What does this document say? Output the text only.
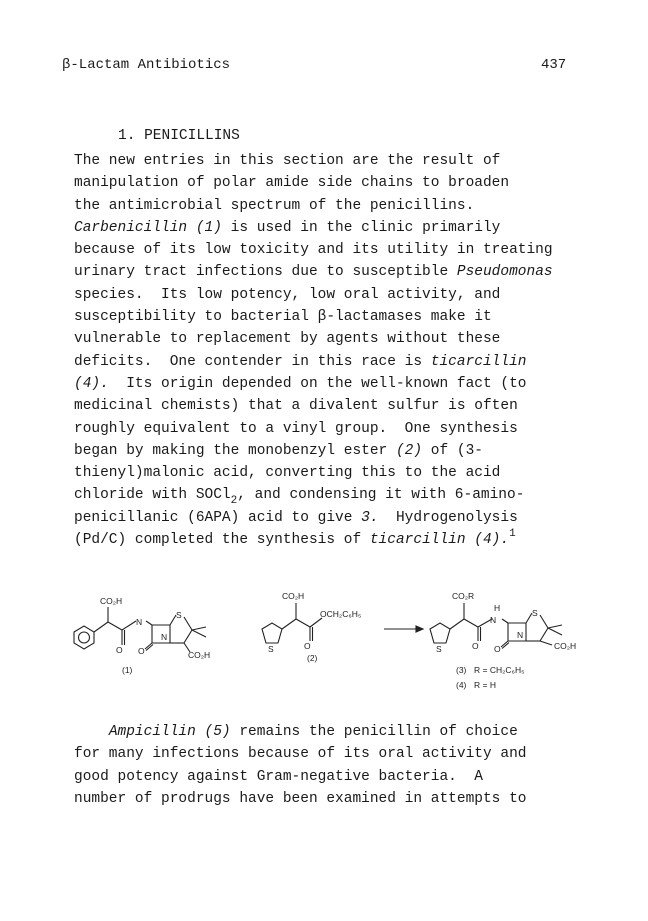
β-Lactam Antibiotics	437
1. PENICILLINS
The new entries in this section are the result of
manipulation of polar amide side chains to broaden
the antimicrobial spectrum of the penicillins.
Carbenicillin (1) is used in the clinic primarily
because of its low toxicity and its utility in treating
urinary tract infections due to susceptible Pseudomonas
species.  Its low potency, low oral activity, and
susceptibility to bacterial β-lactamases make it
vulnerable to replacement by agents without these
deficits.  One contender in this race is ticarcillin
(4).  Its origin depended on the well-known fact (to
medicinal chemists) that a divalent sulfur is often
roughly equivalent to a vinyl group.  One synthesis
began by making the monobenzyl ester (2) of (3-
thienyl)malonic acid, converting this to the acid
chloride with SOCl$_2$, and condensing it with 6-amino-
penicillanic (6APA) acid to give 3.  Hydrogenolysis
(Pd/C) completed the synthesis of ticarcillin (4).$^1$
CO₂H
N
N
S
O O	CO₂H
CO₂H
S
OCH₂C₆H₅
O
CO₂R
S
H
N
N
S
O O	CO₂H
(1)
(2)
(3) R = CH₂C₆H₅
(4) R = H
Ampicillin (5) remains the penicillin of choice
for many infections because of its oral activity and
good potency against Gram-negative bacteria.  A
number of prodrugs have been examined in attempts to
